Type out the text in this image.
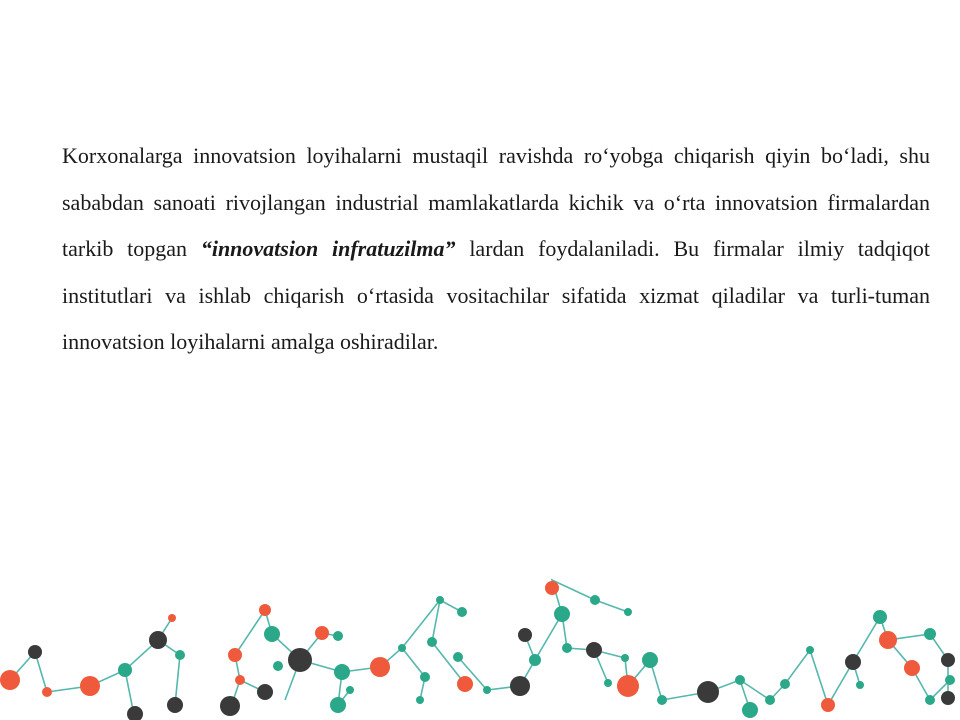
Korxonalarga innovatsion loyihalarni mustaqil ravishda ro‘yobga chiqarish qiyin bo‘ladi, shu sababdan sanoati rivojlangan industrial mamlakatlarda kichik va o‘rta innovatsion firmalardan tarkib topgan “innovatsion infratuzilma” lardan foydalaniladi. Bu firmalar ilmiy tadqiqot institutlari va ishlab chiqarish o‘rtasida vositachilar sifatida xizmat qiladilar va turli-tuman innovatsion loyihalarni amalga oshiradilar.
